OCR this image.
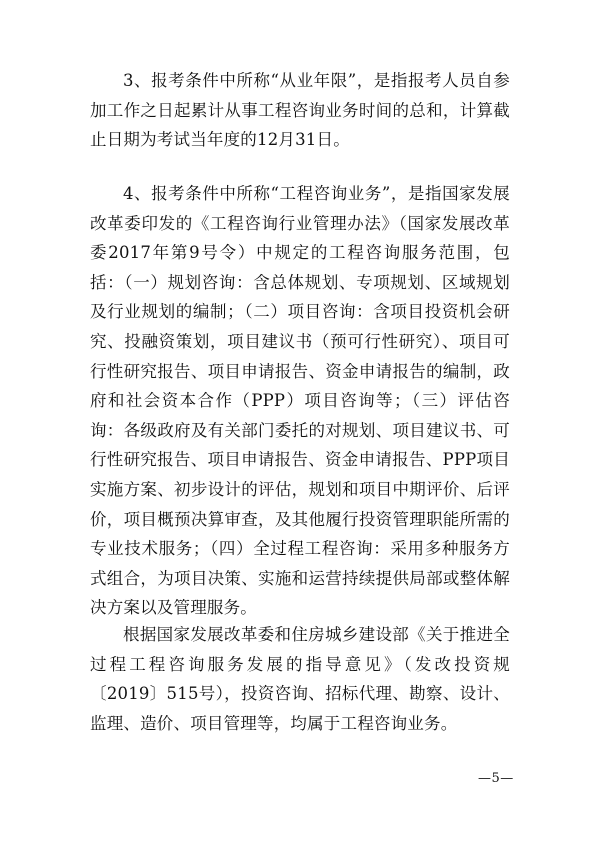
3、报考条件中所称“从业年限”，是指报考人员自参加工作之日起累计从事工程咨询业务时间的总和，计算截止日期为考试当年度的12月31日。

4、报考条件中所称“工程咨询业务”，是指国家发展改革委印发的《工程咨询行业管理办法》（国家发展改革委2017年第9号令）中规定的工程咨询服务范围，包括：（一）规划咨询：含总体规划、专项规划、区域规划及行业规划的编制；（二）项目咨询：含项目投资机会研究、投融资策划，项目建议书（预可行性研究）、项目可行性研究报告、项目申请报告、资金申请报告的编制，政府和社会资本合作（PPP）项目咨询等；（三）评估咨询：各级政府及有关部门委托的对规划、项目建议书、可行性研究报告、项目申请报告、资金申请报告、PPP项目实施方案、初步设计的评估，规划和项目中期评价、后评价，项目概预决算审查，及其他履行投资管理职能所需的专业技术服务；（四）全过程工程咨询：采用多种服务方式组合，为项目决策、实施和运营持续提供局部或整体解决方案以及管理服务。

根据国家发展改革委和住房城乡建设部《关于推进全过程工程咨询服务发展的指导意见》（发改投资规〔2019〕515号），投资咨询、招标代理、勘察、设计、监理、造价、项目管理等，均属于工程咨询业务。

—5—
